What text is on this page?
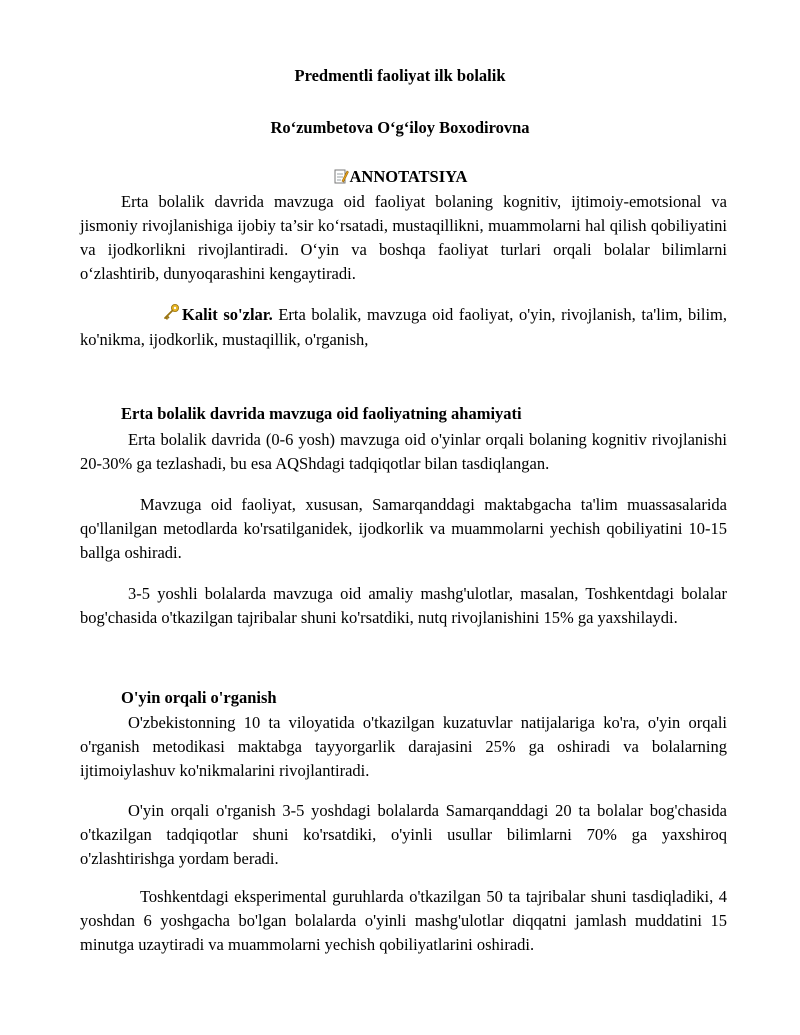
Predmentli faoliyat ilk bolalik
Ro‘zumbetova O‘g‘iloy Boxodirovna
ANNOTATSIYA
Erta bolalik davrida mavzuga oid faoliyat bolaning kognitiv, ijtimoiy-emotsional va jismoniy rivojlanishiga ijobiy ta’sir ko‘rsatadi, mustaqillikni, muammolarni hal qilish qobiliyatini va ijodkorlikni rivojlantiradi. O‘yin va boshqa faoliyat turlari orqali bolalar bilimlarni o‘zlashtirib, dunyoqarashini kengaytiradi.
Kalit so'zlar. Erta bolalik, mavzuga oid faoliyat, o'yin, rivojlanish, ta'lim, bilim, ko'nikma, ijodkorlik, mustaqillik, o'rganish,
Erta bolalik davrida mavzuga oid faoliyatning ahamiyati
Erta bolalik davrida (0-6 yosh) mavzuga oid o'yinlar orqali bolaning kognitiv rivojlanishi 20-30% ga tezlashadi, bu esa AQShdagi tadqiqotlar bilan tasdiqlangan.
Mavzuga oid faoliyat, xususan, Samarqanddagi maktabgacha ta'lim muassasalarida qo'llanilgan metodlarda ko'rsatilganidek, ijodkorlik va muammolarni yechish qobiliyatini 10-15 ballga oshiradi.
3-5 yoshli bolalarda mavzuga oid amaliy mashg'ulotlar, masalan, Toshkentdagi bolalar bog'chasida o'tkazilgan tajribalar shuni ko'rsatdiki, nutq rivojlanishini 15% ga yaxshilaydi.
O'yin orqali o'rganish
O'zbekistonning 10 ta viloyatida o'tkazilgan kuzatuvlar natijalariga ko'ra, o'yin orqali o'rganish metodikasi maktabga tayyorgarlik darajasini 25% ga oshiradi va bolalarning ijtimoiylashuv ko'nikmalarini rivojlantiradi.
O'yin orqali o'rganish 3-5 yoshdagi bolalarda Samarqanddagi 20 ta bolalar bog'chasida o'tkazilgan tadqiqotlar shuni ko'rsatdiki, o'yinli usullar bilimlarni 70% ga yaxshiroq o'zlashtirishga yordam beradi.
Toshkentdagi eksperimental guruhlarda o'tkazilgan 50 ta tajribalar shuni tasdiqladiki, 4 yoshdan 6 yoshgacha bo'lgan bolalarda o'yinli mashg'ulotlar diqqatni jamlash muddatini 15 minutga uzaytiradi va muammolarni yechish qobiliyatlarini oshiradi.
